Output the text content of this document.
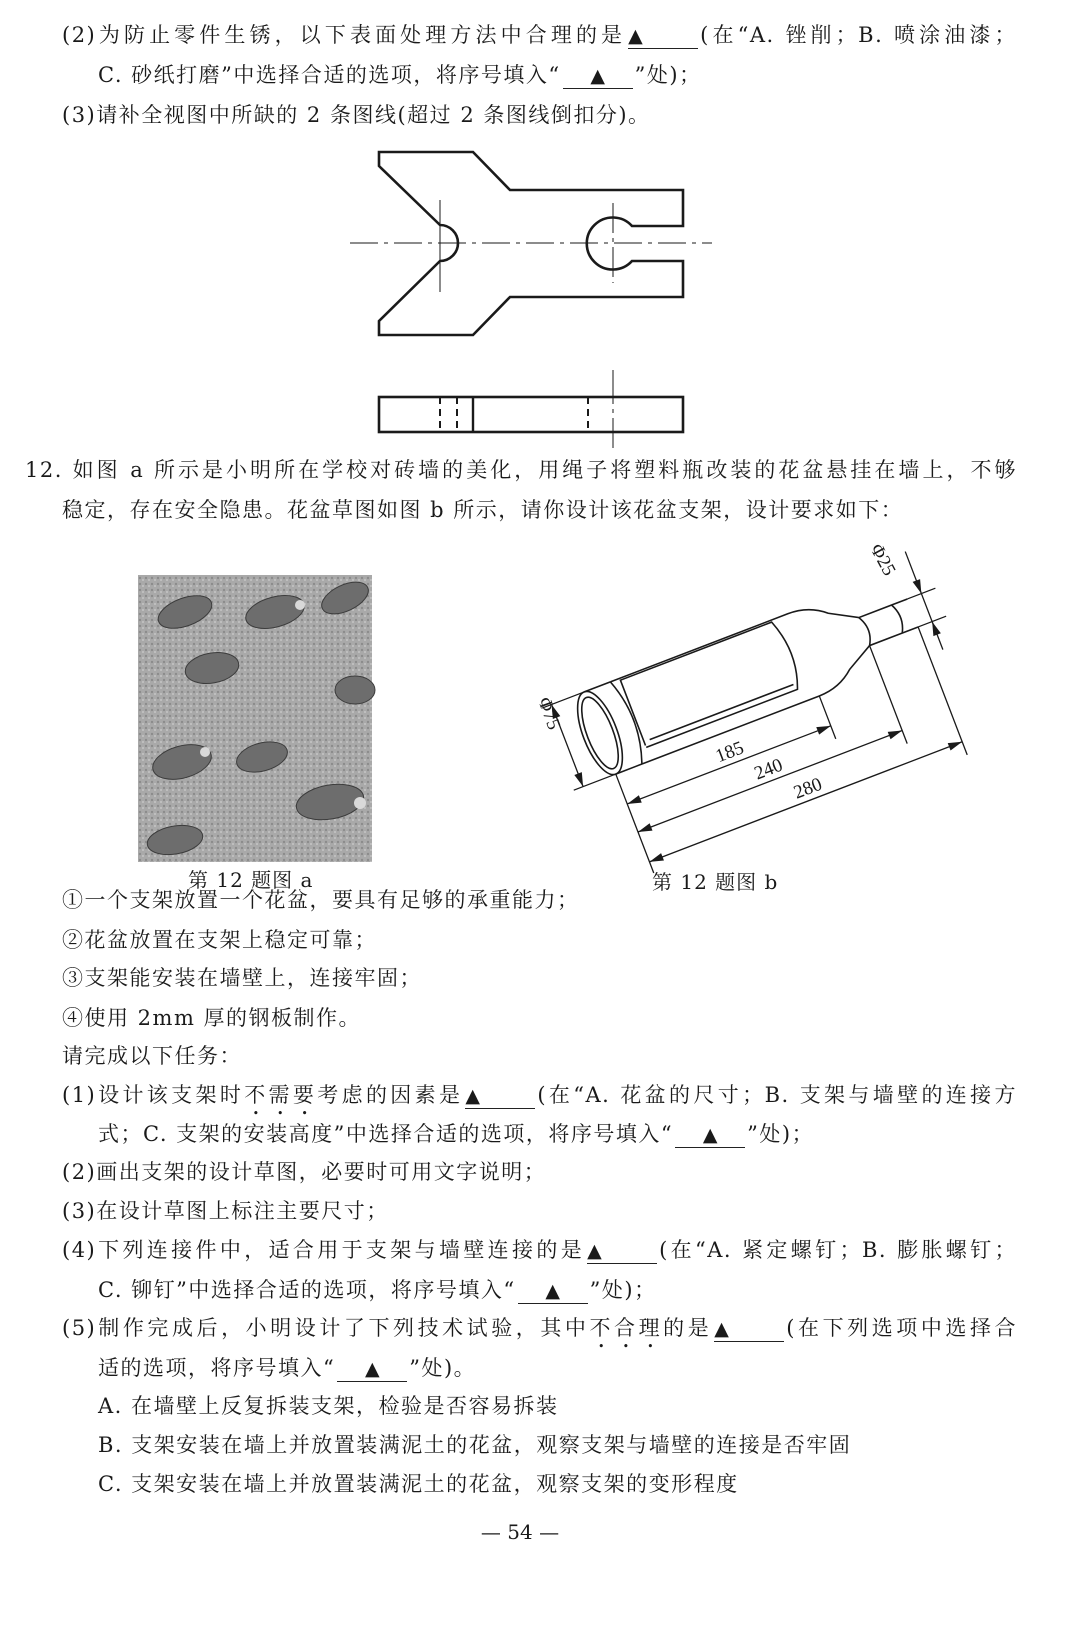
(2)为防止零件生锈，以下表面处理方法中合理的是 ▲	(在“A. 锉削；B. 喷涂油漆；
C. 砂纸打磨”中选择合适的选项，将序号填入“ ▲ ”处)；
(3)请补全视图中所缺的 2 条图线(超过 2 条图线倒扣分)。
185
240
280
Φ75
Φ25
12. 如图 a 所示是小明所在学校对砖墙的美化，用绳子将塑料瓶改装的花盆悬挂在墙上，不够
稳定，存在安全隐患。花盆草图如图 b 所示，请你设计该花盆支架，设计要求如下：
第 12 题图 a	第 12 题图 b
①一个支架放置一个花盆，要具有足够的承重能力；
②花盆放置在支架上稳定可靠；
③支架能安装在墙壁上，连接牢固；
④使用 2mm 厚的钢板制作。
请完成以下任务：
(1)设计该支架时不需要考虑的因素是 ▲	(在“A. 花盆的尺寸；B. 支架与墙壁的连接方
式；C. 支架的安装高度”中选择合适的选项，将序号填入“ ▲ ”处)；
(2)画出支架的设计草图，必要时可用文字说明；
(3)在设计草图上标注主要尺寸；
(4)下列连接件中，适合用于支架与墙壁连接的是 ▲	(在“A. 紧定螺钉；B. 膨胀螺钉；
C. 铆钉”中选择合适的选项，将序号填入“ ▲ ”处)；
(5)制作完成后，小明设计了下列技术试验，其中不合理的是 ▲	(在下列选项中选择合
适的选项，将序号填入“ ▲ ”处)。
A. 在墙壁上反复拆装支架，检验是否容易拆装
B. 支架安装在墙上并放置装满泥土的花盆，观察支架与墙壁的连接是否牢固
C. 支架安装在墙上并放置装满泥土的花盆，观察支架的变形程度
— 54 —
